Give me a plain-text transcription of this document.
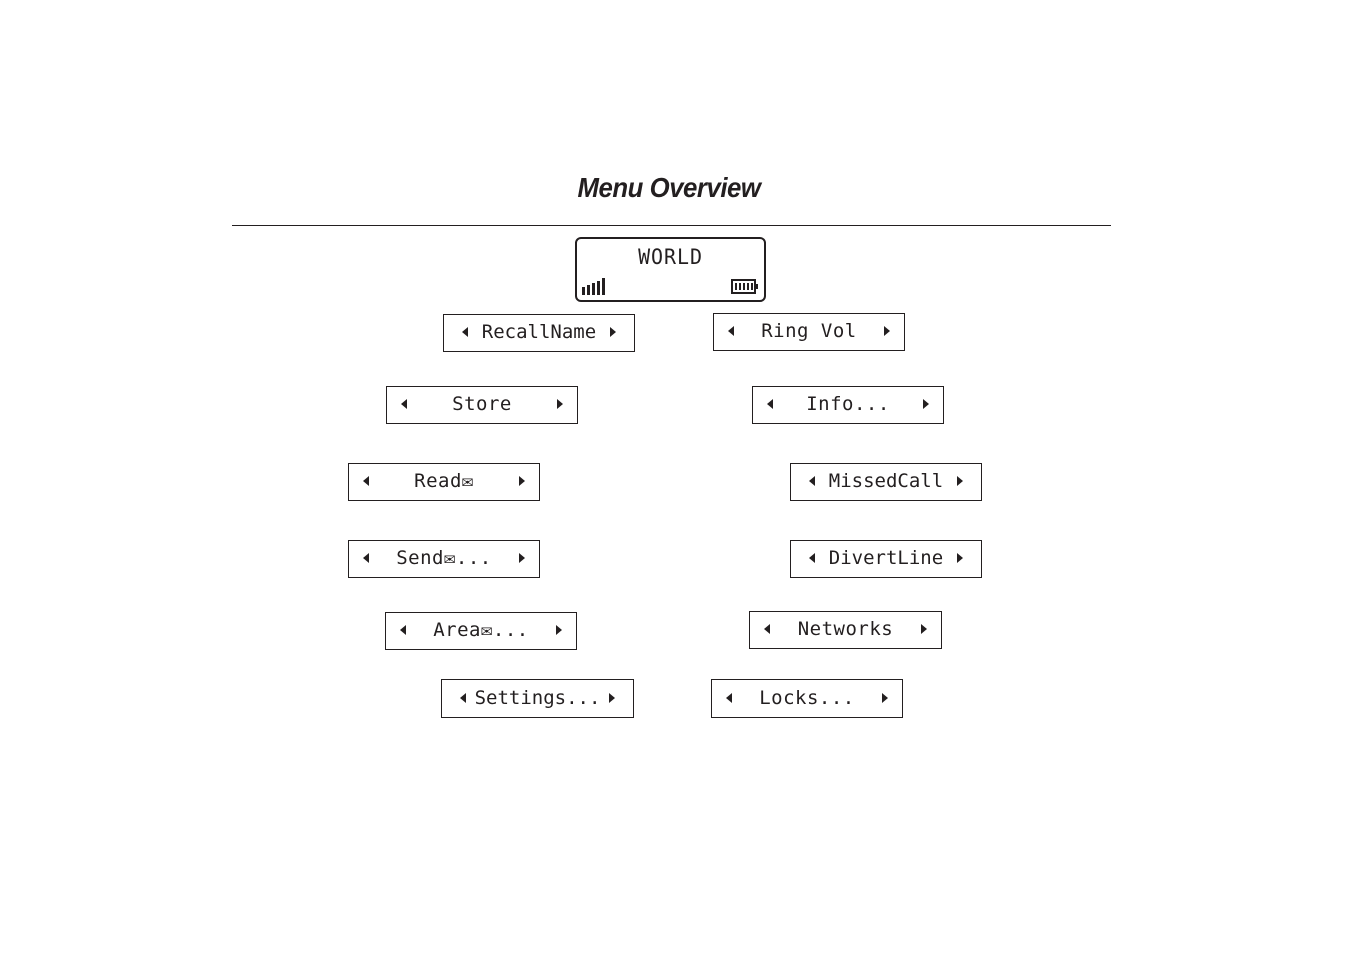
Menu Overview
WORLD
RecallName	Ring Vol
Store	Info...
Read✉	MissedCall
Send✉...	DivertLine
Area✉...	Networks
Settings...	Locks...
